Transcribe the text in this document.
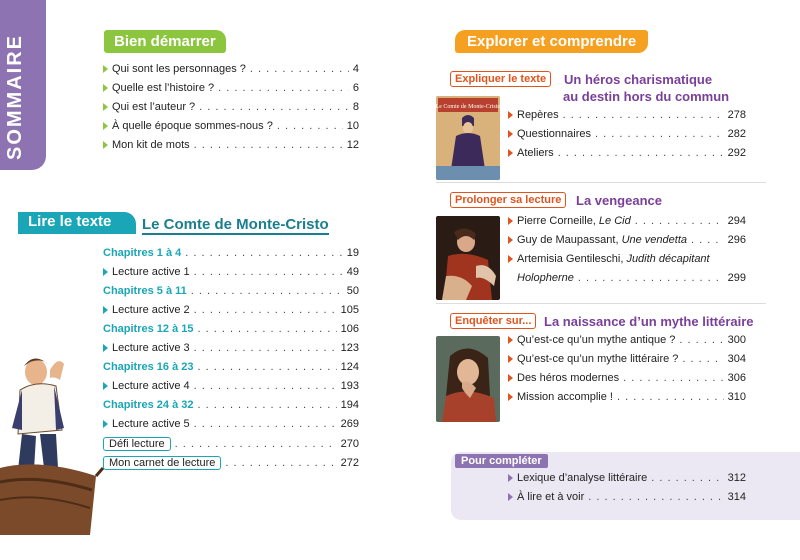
SOMMAIRE	Bien démarrer
Qui sont les personnages ? . . .	4
Quelle est l’histoire ? . . .	6
Qui est l’auteur ? . . .	8
À quelle époque sommes-nous ? . . .	10
Mon kit de mots . . .	12
Lire le texte Le Comte de Monte-Cristo
Chapitres 1 à 4 . . .	19
Lecture active 1 . . .	49
Chapitres 5 à 11 . . .	50
Lecture active 2 . . .	105
Chapitres 12 à 15 . . .	106
Lecture active 3 . . .	123
Chapitres 16 à 23 . . .	124
Lecture active 4 . . .	193
Chapitres 24 à 32 . . .	194
Lecture active 5 . . .	269
Défi lecture . . .	270
Mon carnet de lecture . . .	272
Explorer et comprendre
Expliquer le texte	Un héros charismatique
au destin hors du commun
Le Comte de Monte-Cristo
Repères . . .	278
Questionnaires . . .	282
Ateliers . . .	292
Prolonger sa lecture	La vengeance
Pierre Corneille, Le Cid . . .	294
Guy de Maupassant, Une vendetta . . .	296
Artemisia Gentileschi, Judith décapitant
Holopherne . . .	299
Enquêter sur... La naissance d’un mythe littéraire
Qu’est-ce qu’un mythe antique ? . . .	300
Qu’est-ce qu’un mythe littéraire ? . . .	304
Des héros modernes . . .	306
Mission accomplie ! . . .	310
Pour compléter
Lexique d’analyse littéraire . . .	312
À lire et à voir . . .	314
